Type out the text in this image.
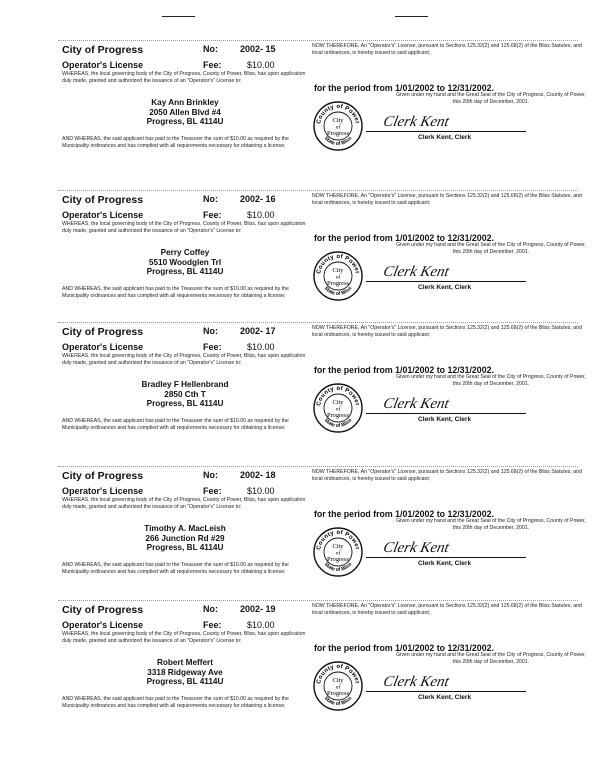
City of Progress	No: 2002- 15
Operator's License	Fee:	$10.00
WHEREAS, the local governing body of the City of Progress, County of Power, Bliss, has upon application duly made, granted and authorized the issuance of an "Operator's" License to:
Kay Ann Brinkley
2050 Allen Blvd #4
Progress, BL 4114U
AND WHEREAS, the said applicant has paid to the Treasurer the sum of $10.00 as required by the Municipality ordinances and has complied with all requirements necessary for obtaining a license;
NOW THEREFORE, An "Operator's" License, pursuant to Sections 125.32(2) and 125.68(2) of the Bliss Statutes, and local ordinances, is hereby issued to said applicant;
for the period from 1/01/2002 to 12/31/2002.
Given under my hand and the Great Seal of the City of Progress, County of Power, this 20th day of December, 2001.
County of Power
State of Bliss
City
of
Progress
Clerk Kent
Clerk Kent, Clerk
City of Progress	No: 2002- 16
Operator's License	Fee:	$10.00
WHEREAS, the local governing body of the City of Progress, County of Power, Bliss, has upon application duly made, granted and authorized the issuance of an "Operator's" License to:
Perry Coffey
5510 Woodglen Trl
Progress, BL 4114U
AND WHEREAS, the said applicant has paid to the Treasurer the sum of $10.00 as required by the Municipality ordinances and has complied with all requirements necessary for obtaining a license;
NOW THEREFORE, An "Operator's" License, pursuant to Sections 125.32(2) and 125.68(2) of the Bliss Statutes, and local ordinances, is hereby issued to said applicant;
for the period from 1/01/2002 to 12/31/2002.
Given under my hand and the Great Seal of the City of Progress, County of Power, this 20th day of December, 2001.
County of Power
State of Bliss
City
of
Progress
Clerk Kent
Clerk Kent, Clerk
City of Progress	No: 2002- 17
Operator's License	Fee:	$10.00
WHEREAS, the local governing body of the City of Progress, County of Power, Bliss, has upon application duly made, granted and authorized the issuance of an "Operator's" License to:
Bradley F Hellenbrand
2850 Cth T
Progress, BL 4114U
AND WHEREAS, the said applicant has paid to the Treasurer the sum of $10.00 as required by the Municipality ordinances and has complied with all requirements necessary for obtaining a license;
NOW THEREFORE, An "Operator's" License, pursuant to Sections 125.32(2) and 125.68(2) of the Bliss Statutes, and local ordinances, is hereby issued to said applicant;
for the period from 1/01/2002 to 12/31/2002.
Given under my hand and the Great Seal of the City of Progress, County of Power, this 20th day of December, 2001.
County of Power
State of Bliss
City
of
Progress
Clerk Kent
Clerk Kent, Clerk
City of Progress	No: 2002- 18
Operator's License	Fee:	$10.00
WHEREAS, the local governing body of the City of Progress, County of Power, Bliss, has upon application duly made, granted and authorized the issuance of an "Operator's" License to:
Timothy A. MacLeish
266 Junction Rd #29
Progress, BL 4114U
AND WHEREAS, the said applicant has paid to the Treasurer the sum of $10.00 as required by the Municipality ordinances and has complied with all requirements necessary for obtaining a license;
NOW THEREFORE, An "Operator's" License, pursuant to Sections 125.32(2) and 125.68(2) of the Bliss Statutes, and local ordinances, is hereby issued to said applicant;
for the period from 1/01/2002 to 12/31/2002.
Given under my hand and the Great Seal of the City of Progress, County of Power, this 20th day of December, 2001.
County of Power
State of Bliss
City
of
Progress
Clerk Kent
Clerk Kent, Clerk
City of Progress	No: 2002- 19
Operator's License	Fee:	$10.00
WHEREAS, the local governing body of the City of Progress, County of Power, Bliss, has upon application duly made, granted and authorized the issuance of an "Operator's" License to:
Robert Meffert
3318 Ridgeway Ave
Progress, BL 4114U
AND WHEREAS, the said applicant has paid to the Treasurer the sum of $10.00 as required by the Municipality ordinances and has complied with all requirements necessary for obtaining a license;
NOW THEREFORE, An "Operator's" License, pursuant to Sections 125.32(2) and 125.68(2) of the Bliss Statutes, and local ordinances, is hereby issued to said applicant;
for the period from 1/01/2002 to 12/31/2002.
Given under my hand and the Great Seal of the City of Progress, County of Power, this 20th day of December, 2001.
County of Power
State of Bliss
City
of
Progress
Clerk Kent
Clerk Kent, Clerk
